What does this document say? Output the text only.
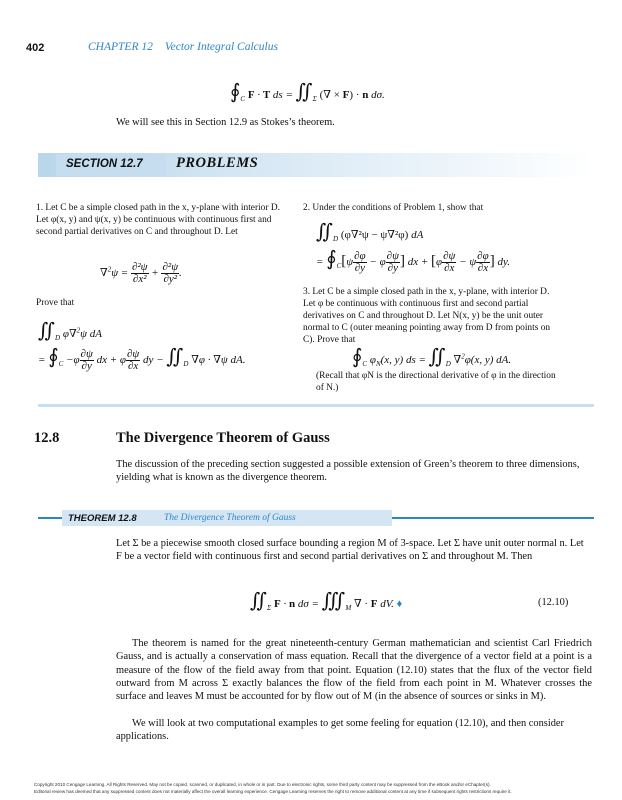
402	CHAPTER 12 Vector Integral Calculus
$∮_C$ F · T ds = $∬_\Sigma$ (∇ × F) · n dσ.
We will see this in Section 12.9 as Stokes’s theorem.
SECTION 12.7 PROBLEMS
1. Let C be a simple closed path in the x, y-plane with interior D. Let φ(x, y) and ψ(x, y) be continuous with continuous first and second partial derivatives on C and throughout D. Let
$\nabla^2\psi = \frac{\text{∂²ψ}}{\text{∂x²}} + \frac{\text{∂²ψ}}{\text{∂y²}}$ .
Prove that
$∬_D$ φ∇$^2$ψ dA
= $∮_C -\varphi \frac{\partial\psi}{\partial y}$ dx + φ $\frac{\partial\psi}{\partial x}$ dy − $∬_D$ ∇φ · ∇ψ dA.
2. Under the conditions of Problem 1, show that
$∬_D$ (φ∇²ψ − ψ∇²φ) dA
= $∮_C[\psi \frac{\partial\varphi}{\partial y} - \varphi \frac{\partial\psi}{\partial y}$ ] dx + [$\varphi \frac{\partial\psi}{\partial x} - \psi \frac{\partial\varphi}{\partial x}$ ] dy.
3. Let C be a simple closed path in the x, y-plane, with interior D. Let φ be continuous with continuous first and second partial derivatives on C and throughout D. Let N(x, y) be the unit outer normal to C (outer meaning pointing away from D from points on C). Prove that
$∮_C$ $\varphi_N(x$, y) ds = $∬_D$ ∇$^2$φ(x, y) dA.
(Recall that φN is the directional derivative of φ in the direction of N.)
12.8	The Divergence Theorem of Gauss
The discussion of the preceding section suggested a possible extension of Green’s theorem to three dimensions, yielding what is known as the divergence theorem.
THEOREM 12.8	The Divergence Theorem of Gauss
Let Σ be a piecewise smooth closed surface bounding a region M of 3-space. Let Σ have unit outer normal n. Let F be a vector field with continuous first and second partial derivatives on Σ and throughout M. Then
$∬_\Sigma$ F · n $d\sigma = ∭_M$ ∇ · F dV. ♦	(12.10)
The theorem is named for the great nineteenth-century German mathematician and scientist Carl Friedrich Gauss, and is actually a conservation of mass equation. Recall that the divergence of a vector field at a point is a measure of the flow of the field away from that point. Equation (12.10) states that the flux of the vector field outward from M across Σ exactly balances the flow of the field from each point in M. Whatever crosses the surface and leaves M must be accounted for by flow out of M (in the absence of sources or sinks in M).
We will look at two computational examples to get some feeling for equation (12.10), and then consider applications.
Copyright 2010 Cengage Learning. All Rights Reserved. May not be copied, scanned, or duplicated, in whole or in part. Due to electronic rights, some third party content may be suppressed from the eBook and/or eChapter(s).
Editorial review has deemed that any suppressed content does not materially affect the overall learning experience. Cengage Learning reserves the right to remove additional content at any time if subsequent rights restrictions require it.
